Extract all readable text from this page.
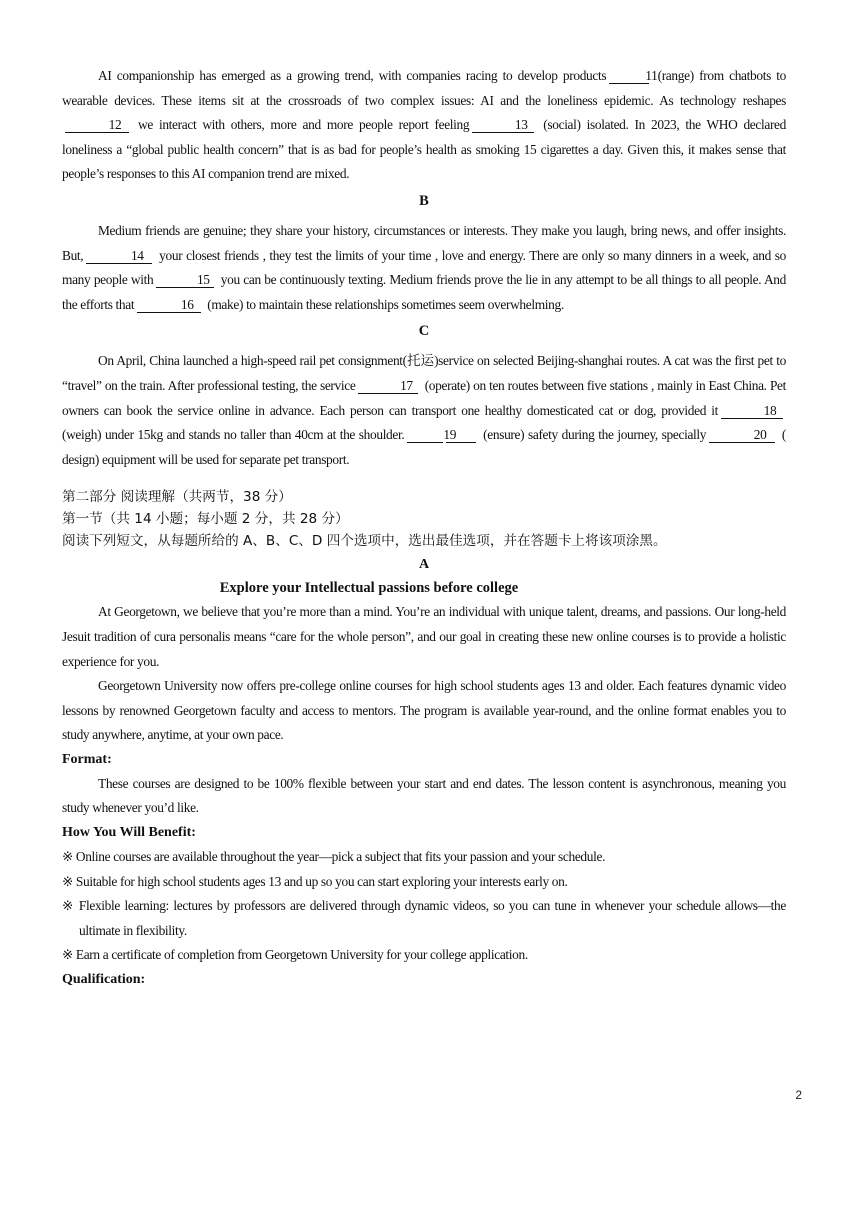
AI companionship has emerged as a growing trend, with companies racing to develop products	11 (range) from chatbots to wearable devices. These items sit at the crossroads of two complex issues: AI and the loneliness epidemic. As technology reshapes12 we interact with others, more and more people report feeling	13 (social) isolated. In 2023, the WHO declared loneliness a “global public health concern” that is as bad for people’s health as smoking 15 cigarettes a day. Given this, it makes sense that people’s responses to this AI companion trend are mixed.

B

Medium friends are genuine; they share your history, circumstances or interests. They make you laugh, bring news, and offer insights. But,	14 your closest friends , they test the limits of your time , love and energy. There are only so many dinners in a week, and so many people with	15 you can be continuously texting. Medium friends prove the lie in any attempt to be all things to all people. And the efforts that	16 (make) to maintain these relationships sometimes seem overwhelming.

C

On April, China launched a high-speed rail pet consignment(托运)service on selected Beijing-shanghai routes. A cat was the first pet to “travel” on the train. After professional testing, the service	17 (operate) on ten routes between five stations , mainly in East China. Pet owners can book the service online in advance. Each person can transport one healthy domesticated cat or dog, provided it	18 (weigh) under 15kg and stands no taller than 40cm at the shoulder.	19 (ensure) safety during the journey, specially	20 ( design) equipment will be used for separate pet transport.

第二部分 阅读理解（共两节，38 分）
第一节（共 14 小题；每小题 2 分，共 28 分）
阅读下列短文，从每题所给的 A、B、C、D 四个选项中，选出最佳选项，并在答题卡上将该项涂黑。
A
Explore your Intellectual passions before college

At Georgetown, we believe that you’re more than a mind. You’re an individual with unique talent, dreams, and passions. Our long-held Jesuit tradition of cura personalis means “care for the whole person”, and our goal in creating these new online courses is to provide a holistic experience for you.

Georgetown University now offers pre-college online courses for high school students ages 13 and older. Each features dynamic video lessons by renowned Georgetown faculty and access to mentors. The program is available year-round, and the online format enables you to study anywhere, anytime, at your own pace.

Format:

These courses are designed to be 100% flexible between your start and end dates. The lesson content is asynchronous, meaning you study whenever you’d like.

How You Will Benefit:

※ Online courses are available throughout the year—pick a subject that fits your passion and your schedule.

※ Suitable for high school students ages 13 and up so you can start exploring your interests early on.

※ Flexible learning: lectures by professors are delivered through dynamic videos, so you can tune in whenever your schedule allows—the ultimate in flexibility.

※ Earn a certificate of completion from Georgetown University for your college application.

Qualification:
2
